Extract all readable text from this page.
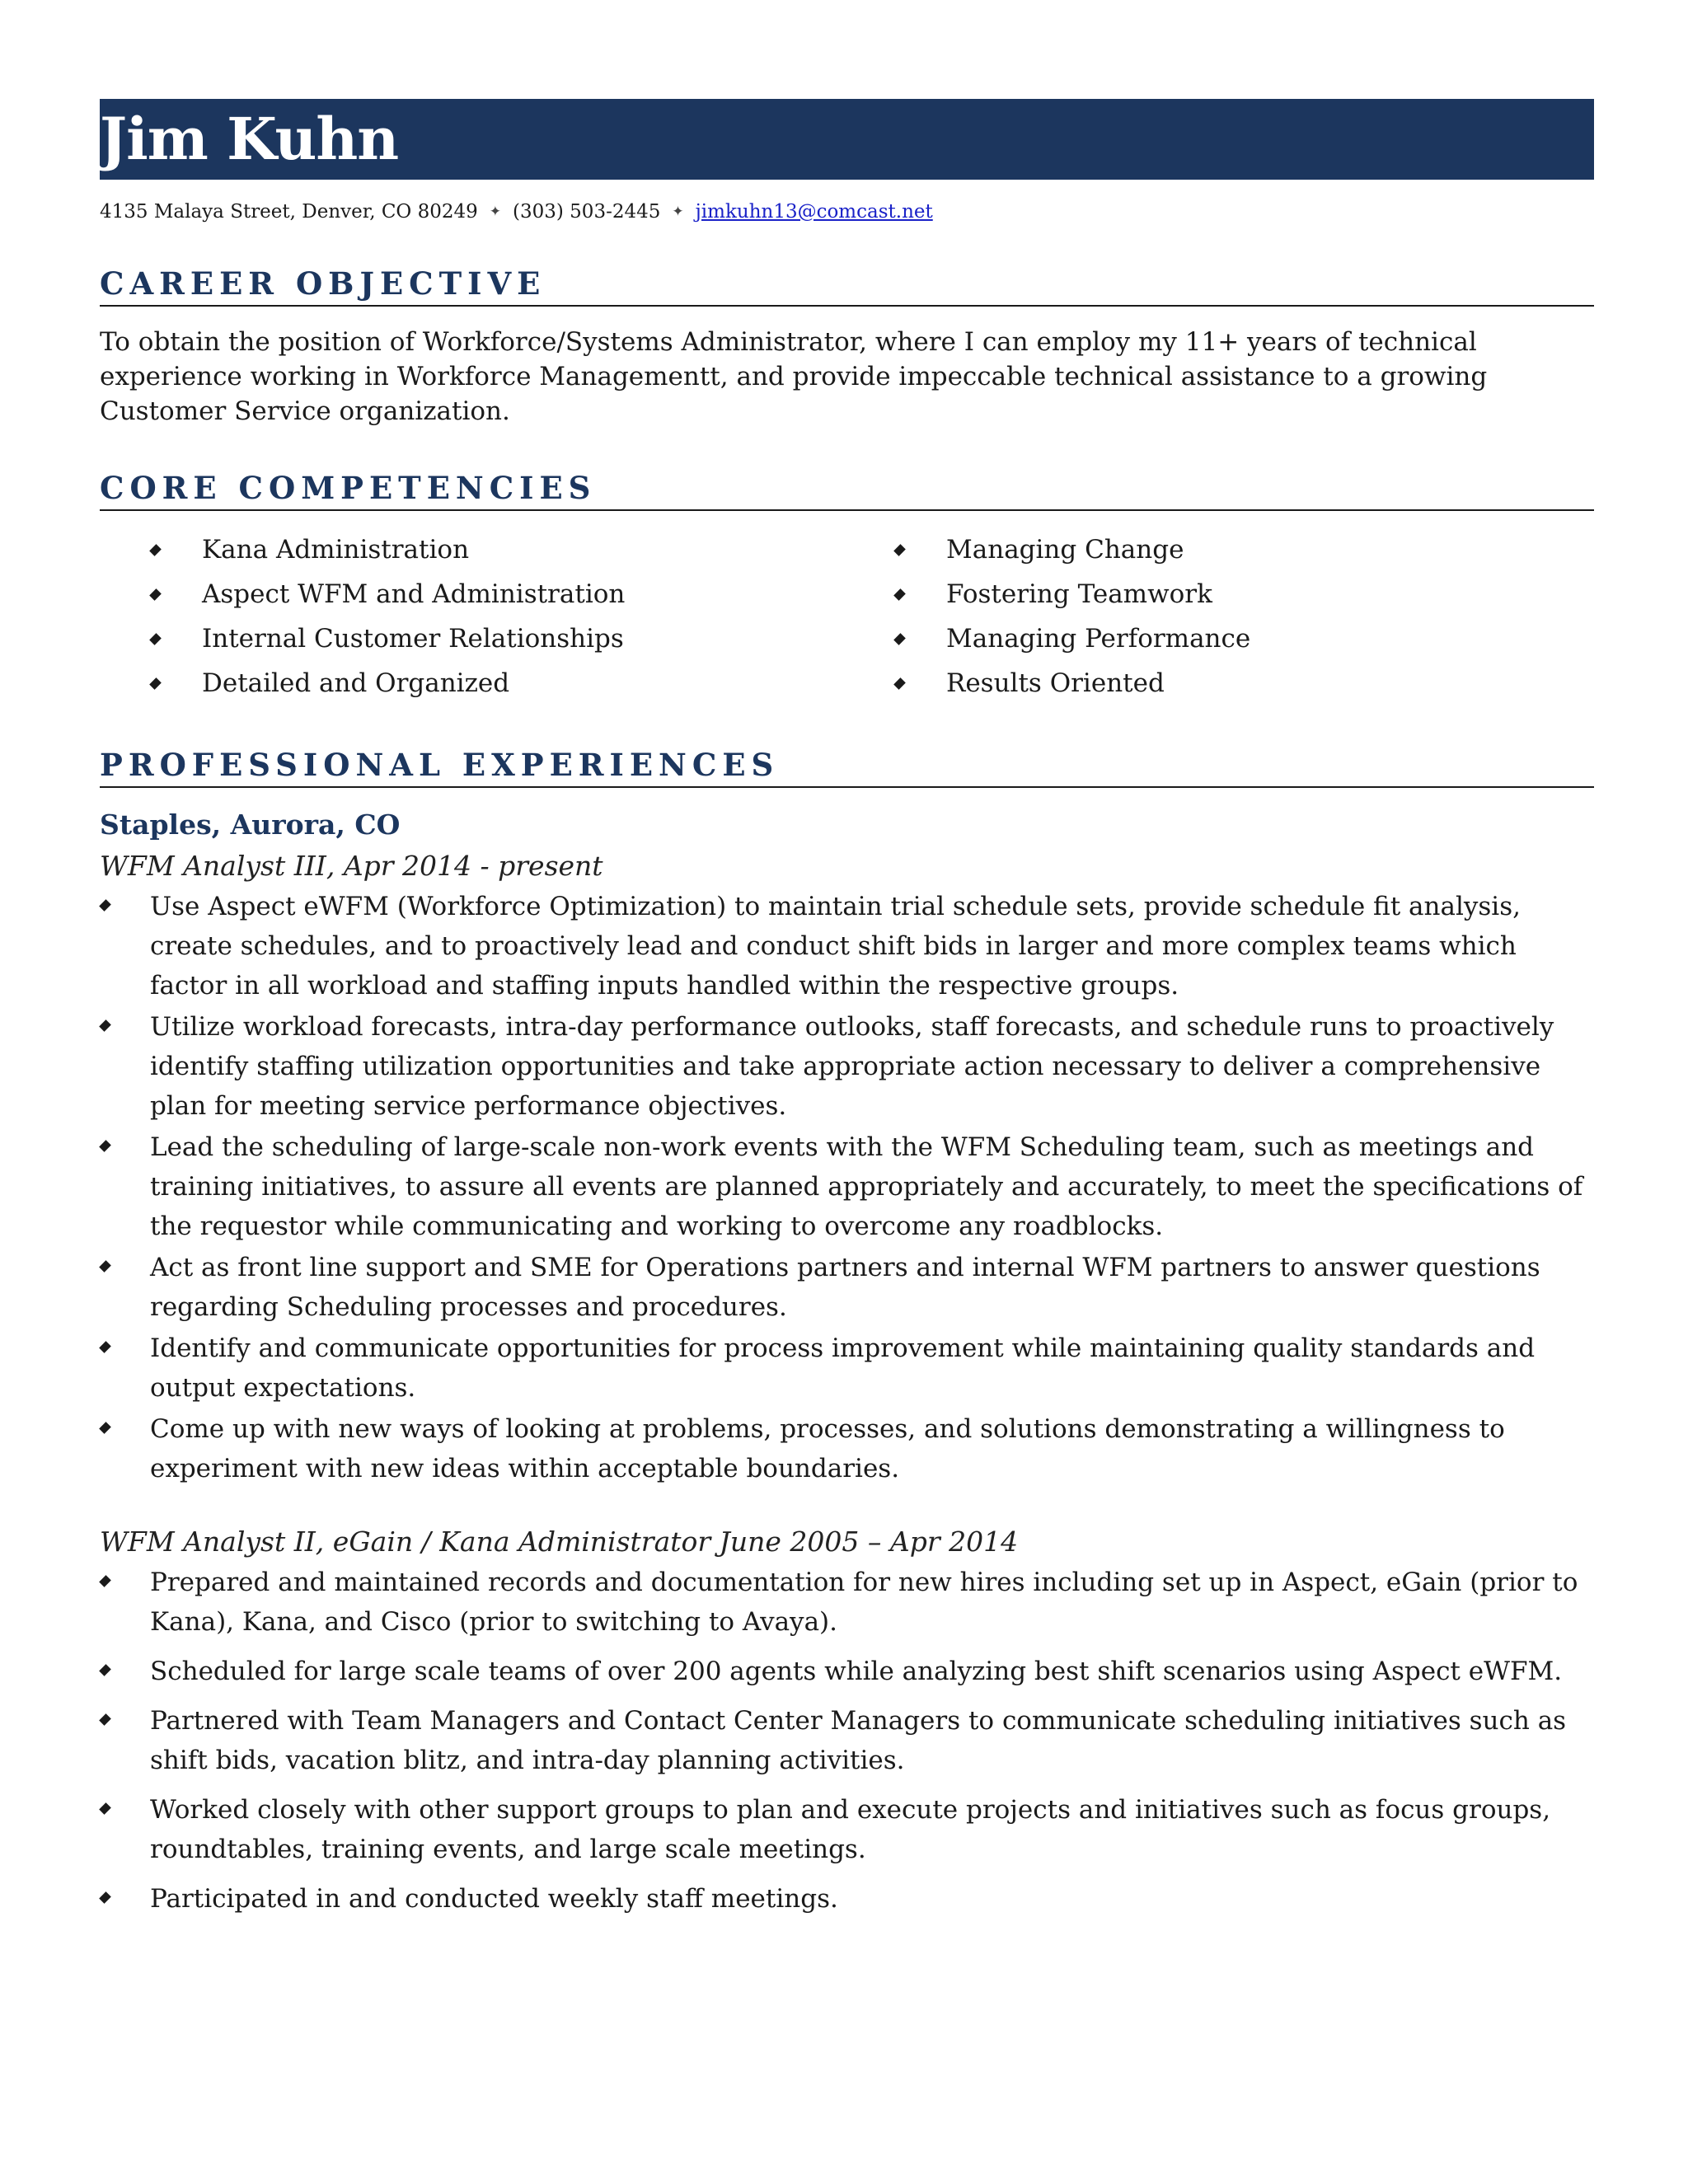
Jim Kuhn
4135 Malaya Street, Denver, CO 80249 ✦ (303) 503-2445 ✦ jimkuhn13@comcast.net
CAREER OBJECTIVE
To obtain the position of Workforce/Systems Administrator, where I can employ my 11+ years of technical experience working in Workforce Managementt, and provide impeccable technical assistance to a growing Customer Service organization.
CORE COMPETENCIES
Kana Administration
Aspect WFM and Administration
Internal Customer Relationships
Detailed and Organized
Managing Change
Fostering Teamwork
Managing Performance
Results Oriented
PROFESSIONAL EXPERIENCES
Staples, Aurora, CO
WFM Analyst III, Apr 2014 - present
Use Aspect eWFM (Workforce Optimization) to maintain trial schedule sets, provide schedule fit analysis, create schedules, and to proactively lead and conduct shift bids in larger and more complex teams which factor in all workload and staffing inputs handled within the respective groups.
Utilize workload forecasts, intra-day performance outlooks, staff forecasts, and schedule runs to proactively identify staffing utilization opportunities and take appropriate action necessary to deliver a comprehensive plan for meeting service performance objectives.
Lead the scheduling of large-scale non-work events with the WFM Scheduling team, such as meetings and training initiatives, to assure all events are planned appropriately and accurately, to meet the specifications of the requestor while communicating and working to overcome any roadblocks.
Act as front line support and SME for Operations partners and internal WFM partners to answer questions regarding Scheduling processes and procedures.
Identify and communicate opportunities for process improvement while maintaining quality standards and output expectations.
Come up with new ways of looking at problems, processes, and solutions demonstrating a willingness to experiment with new ideas within acceptable boundaries.
WFM Analyst II, eGain / Kana Administrator June 2005 – Apr 2014
Prepared and maintained records and documentation for new hires including set up in Aspect, eGain (prior to Kana), Kana, and Cisco (prior to switching to Avaya).
Scheduled for large scale teams of over 200 agents while analyzing best shift scenarios using Aspect eWFM.
Partnered with Team Managers and Contact Center Managers to communicate scheduling initiatives such as shift bids, vacation blitz, and intra-day planning activities.
Worked closely with other support groups to plan and execute projects and initiatives such as focus groups, roundtables, training events, and large scale meetings.
Participated in and conducted weekly staff meetings.
